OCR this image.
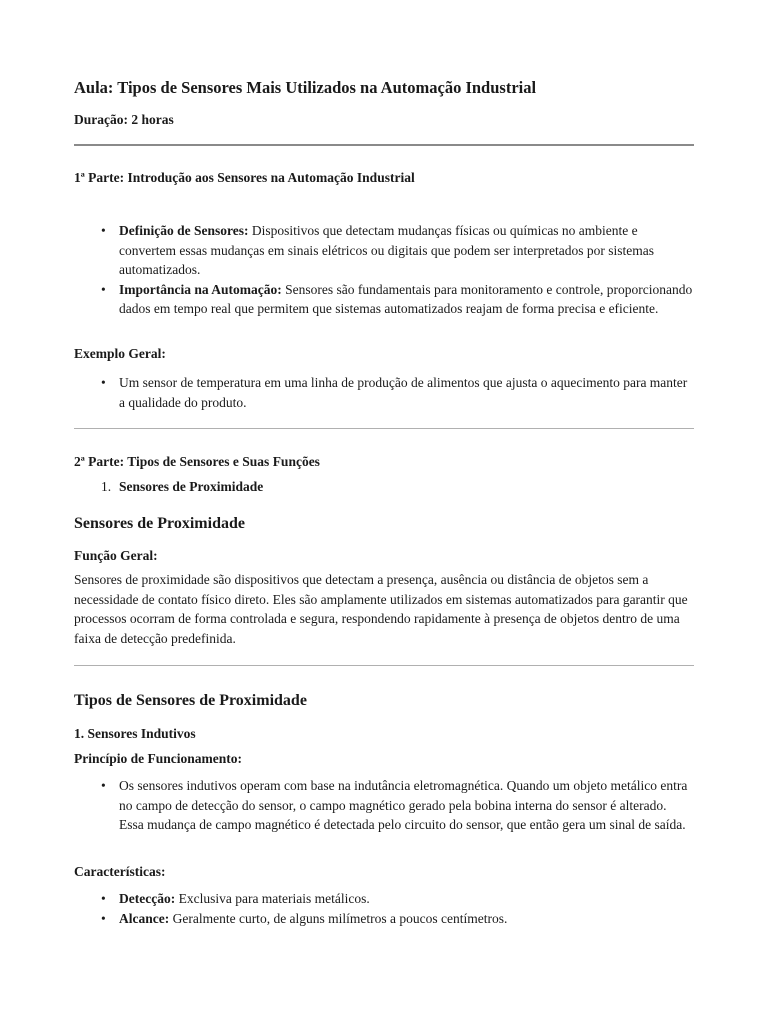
Aula: Tipos de Sensores Mais Utilizados na Automação Industrial
Duração: 2 horas
1ª Parte: Introdução aos Sensores na Automação Industrial
• Definição de Sensores: Dispositivos que detectam mudanças físicas ou químicas no ambiente e convertem essas mudanças em sinais elétricos ou digitais que podem ser interpretados por sistemas automatizados.
• Importância na Automação: Sensores são fundamentais para monitoramento e controle, proporcionando dados em tempo real que permitem que sistemas automatizados reajam de forma precisa e eficiente.
Exemplo Geral:
• Um sensor de temperatura em uma linha de produção de alimentos que ajusta o aquecimento para manter a qualidade do produto.
2ª Parte: Tipos de Sensores e Suas Funções
1. Sensores de Proximidade
Sensores de Proximidade
Função Geral:
Sensores de proximidade são dispositivos que detectam a presença, ausência ou distância de objetos sem a necessidade de contato físico direto. Eles são amplamente utilizados em sistemas automatizados para garantir que processos ocorram de forma controlada e segura, respondendo rapidamente à presença de objetos dentro de uma faixa de detecção predefinida.
Tipos de Sensores de Proximidade
1. Sensores Indutivos
Princípio de Funcionamento:
• Os sensores indutivos operam com base na indutância eletromagnética. Quando um objeto metálico entra no campo de detecção do sensor, o campo magnético gerado pela bobina interna do sensor é alterado. Essa mudança de campo magnético é detectada pelo circuito do sensor, que então gera um sinal de saída.
Características:
• Detecção: Exclusiva para materiais metálicos.
• Alcance: Geralmente curto, de alguns milímetros a poucos centímetros.
